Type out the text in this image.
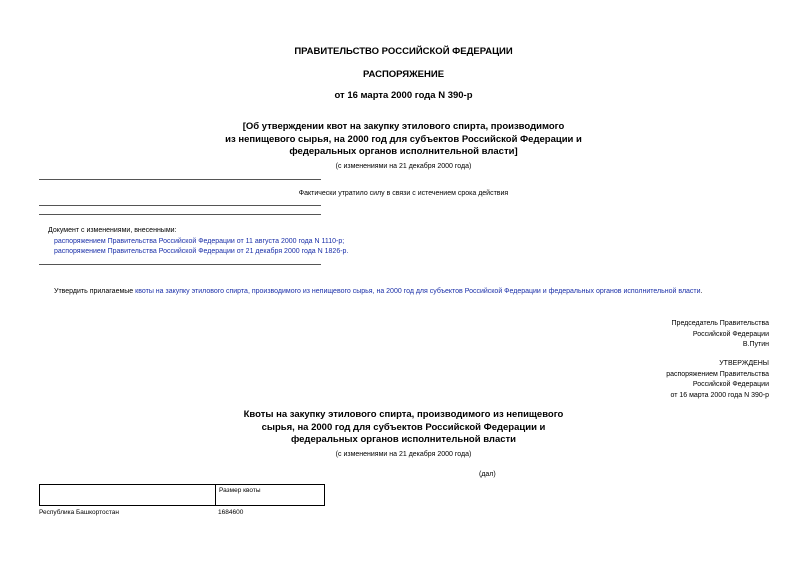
ПРАВИТЕЛЬСТВО РОССИЙСКОЙ ФЕДЕРАЦИИ
РАСПОРЯЖЕНИЕ
от 16 марта 2000 года N 390-р
[Об утверждении квот на закупку этилового спирта, производимого
из непищевого сырья, на 2000 год для субъектов Российской Федерации и
федеральных органов исполнительной власти]
(с изменениями на 21 декабря 2000 года)
Фактически утратило силу в связи с истечением срока действия
Документ с изменениями, внесенными:
распоряжением Правительства Российской Федерации от 11 августа 2000 года N 1110-р;
распоряжением Правительства Российской Федерации от 21 декабря 2000 года N 1826-р.
Утвердить прилагаемые квоты на закупку этилового спирта, производимого из непищевого сырья, на 2000 год для субъектов Российской Федерации и федеральных органов исполнительной власти.
Председатель Правительства
Российской Федерации
В.Путин
УТВЕРЖДЕНЫ
распоряжением Правительства
Российской Федерации
от 16 марта 2000 года N 390-р
Квоты на закупку этилового спирта, производимого из непищевого
сырья, на 2000 год для субъектов Российской Федерации и
федеральных органов исполнительной власти
(с изменениями на 21 декабря 2000 года)
(дал)
Размер квоты
Республика Башкортостан	1684600
